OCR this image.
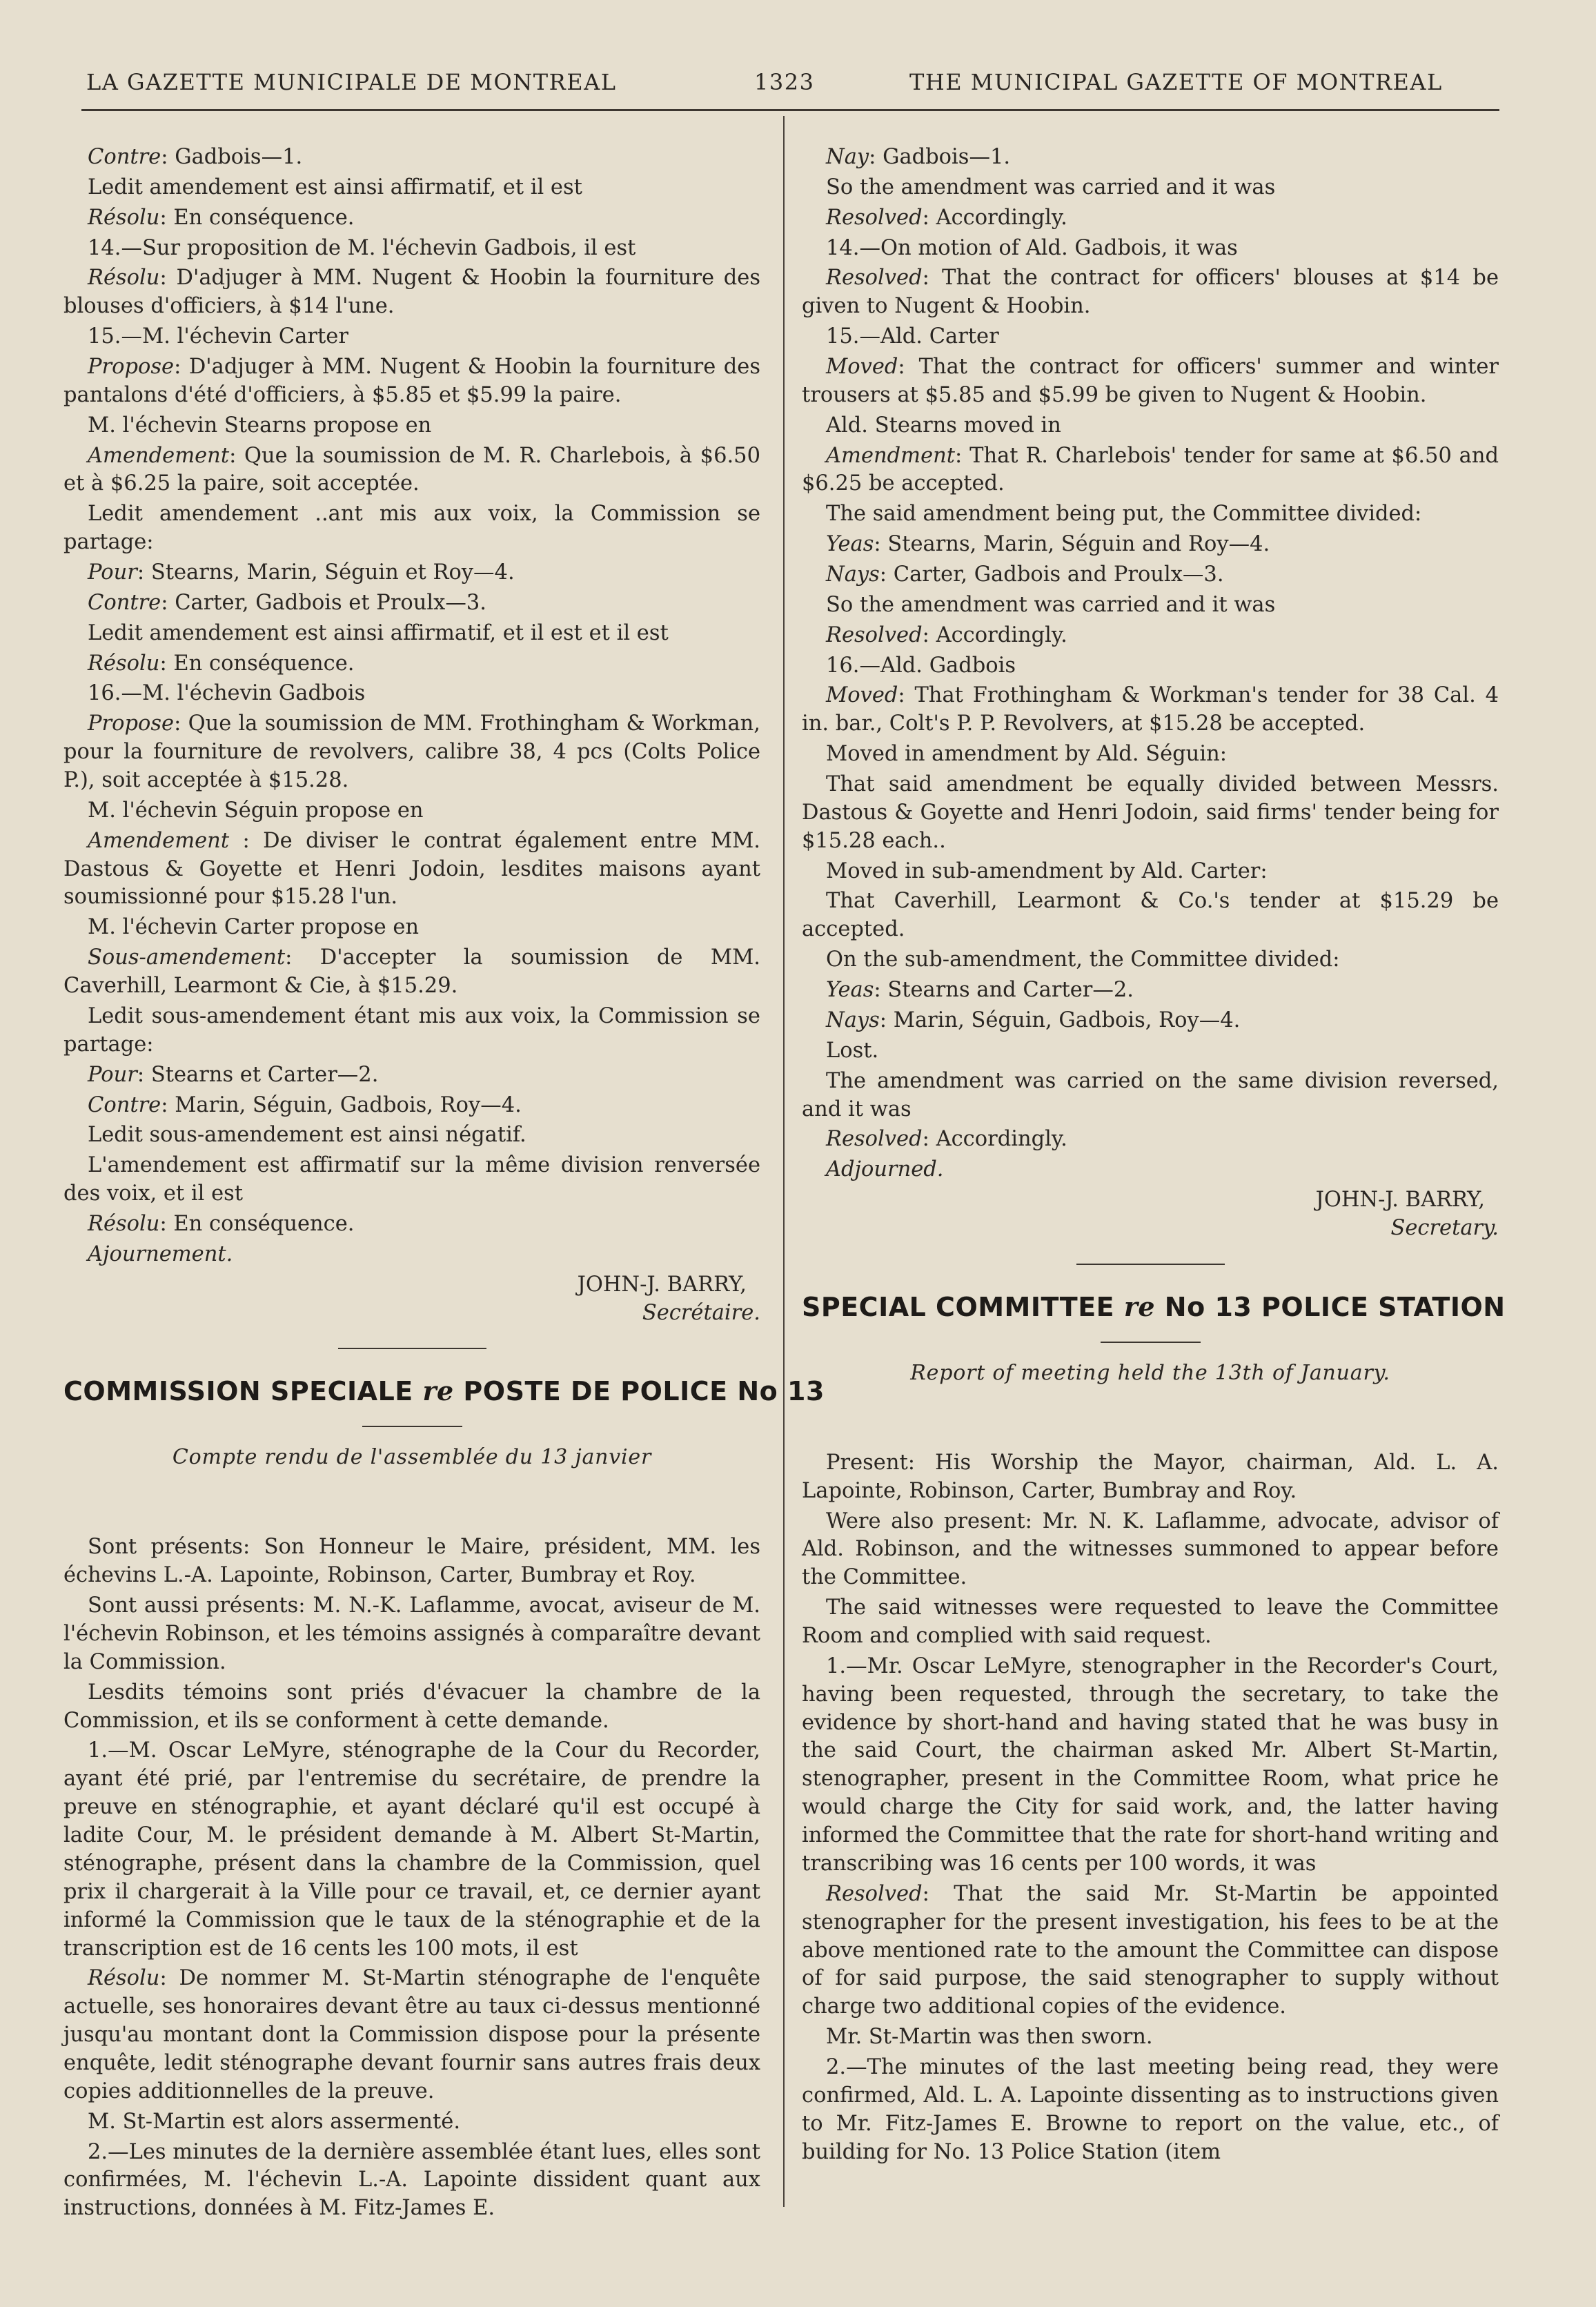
LA GAZETTE MUNICIPALE DE MONTREAL	1323	THE MUNICIPAL GAZETTE OF MONTREAL

Contre: Gadbois—1.

Ledit amendement est ainsi affirmatif, et il est

Résolu: En conséquence.

14.—Sur proposition de M. l'échevin Gadbois, il est

Résolu: D'adjuger à MM. Nugent & Hoobin la fourniture des blouses d'officiers, à $14 l'une.

15.—M. l'échevin Carter

Propose: D'adjuger à MM. Nugent & Hoobin la fourniture des pantalons d'été d'officiers, à $5.85 et $5.99 la paire.

M. l'échevin Stearns propose en

Amendement: Que la soumission de M. R. Charlebois, à $6.50 et à $6.25 la paire, soit acceptée.

Ledit amendement ..ant mis aux voix, la Commission se partage:

Pour: Stearns, Marin, Séguin et Roy—4.

Contre: Carter, Gadbois et Proulx—3.

Ledit amendement est ainsi affirmatif, et il est et il est

Résolu: En conséquence.

16.—M. l'échevin Gadbois

Propose: Que la soumission de MM. Frothingham & Workman, pour la fourniture de revolvers, calibre 38, 4 pcs (Colts Police P.), soit acceptée à $15.28.

M. l'échevin Séguin propose en

Amendement : De diviser le contrat également entre MM. Dastous & Goyette et Henri Jodoin, lesdites maisons ayant soumissionné pour $15.28 l'un.

M. l'échevin Carter propose en

Sous-amendement: D'accepter la soumission de MM. Caverhill, Learmont & Cie, à $15.29.

Ledit sous-amendement étant mis aux voix, la Commission se partage:

Pour: Stearns et Carter—2.

Contre: Marin, Séguin, Gadbois, Roy—4.

Ledit sous-amendement est ainsi négatif.

L'amendement est affirmatif sur la même division renversée des voix, et il est

Résolu: En conséquence.

Ajournement.

JOHN-J. BARRY,
Secrétaire.
COMMISSION SPECIALE re POSTE DE POLICE No 13
Compte rendu de l'assemblée du 13 janvier

Sont présents: Son Honneur le Maire, président, MM. les échevins L.-A. Lapointe, Robinson, Carter, Bumbray et Roy.

Sont aussi présents: M. N.-K. Laflamme, avocat, aviseur de M. l'échevin Robinson, et les témoins assignés à comparaître devant la Commission.

Lesdits témoins sont priés d'évacuer la chambre de la Commission, et ils se conforment à cette demande.

1.—M. Oscar LeMyre, sténographe de la Cour du Recorder, ayant été prié, par l'entremise du secrétaire, de prendre la preuve en sténographie, et ayant déclaré qu'il est occupé à ladite Cour, M. le président demande à M. Albert St-Martin, sténographe, présent dans la chambre de la Commission, quel prix il chargerait à la Ville pour ce travail, et, ce dernier ayant informé la Commission que le taux de la sténographie et de la transcription est de 16 cents les 100 mots, il est

Résolu: De nommer M. St-Martin sténographe de l'enquête actuelle, ses honoraires devant être au taux ci-dessus mentionné jusqu'au montant dont la Commission dispose pour la présente enquête, ledit sténographe devant fournir sans autres frais deux copies additionnelles de la preuve.

M. St-Martin est alors assermenté.

2.—Les minutes de la dernière assemblée étant lues, elles sont confirmées, M. l'échevin L.-A. Lapointe dissident quant aux instructions, données à M. Fitz-James E.

Nay: Gadbois—1.

So the amendment was carried and it was

Resolved: Accordingly.

14.—On motion of Ald. Gadbois, it was

Resolved: That the contract for officers' blouses at $14 be given to Nugent & Hoobin.

15.—Ald. Carter

Moved: That the contract for officers' summer and winter trousers at $5.85 and $5.99 be given to Nugent & Hoobin.

Ald. Stearns moved in

Amendment: That R. Charlebois' tender for same at $6.50 and $6.25 be accepted.

The said amendment being put, the Committee divided:

Yeas: Stearns, Marin, Séguin and Roy—4.

Nays: Carter, Gadbois and Proulx—3.

So the amendment was carried and it was

Resolved: Accordingly.

16.—Ald. Gadbois

Moved: That Frothingham & Workman's tender for 38 Cal. 4 in. bar., Colt's P. P. Revolvers, at $15.28 be accepted.

Moved in amendment by Ald. Séguin:

That said amendment be equally divided between Messrs. Dastous & Goyette and Henri Jodoin, said firms' tender being for $15.28 each..

Moved in sub-amendment by Ald. Carter:

That Caverhill, Learmont & Co.'s tender at $15.29 be accepted.

On the sub-amendment, the Committee divided:

Yeas: Stearns and Carter—2.

Nays: Marin, Séguin, Gadbois, Roy—4.

Lost.

The amendment was carried on the same division reversed, and it was

Resolved: Accordingly.

Adjourned.

JOHN-J. BARRY,
Secretary.
SPECIAL COMMITTEE re No 13 POLICE STATION
Report of meeting held the 13th of January.

Present: His Worship the Mayor, chairman, Ald. L. A. Lapointe, Robinson, Carter, Bumbray and Roy.

Were also present: Mr. N. K. Laflamme, advocate, advisor of Ald. Robinson, and the witnesses summoned to appear before the Committee.

The said witnesses were requested to leave the Committee Room and complied with said request.

1.—Mr. Oscar LeMyre, stenographer in the Recorder's Court, having been requested, through the secretary, to take the evidence by short-hand and having stated that he was busy in the said Court, the chairman asked Mr. Albert St-Martin, stenographer, present in the Committee Room, what price he would charge the City for said work, and, the latter having informed the Committee that the rate for short-hand writing and transcribing was 16 cents per 100 words, it was

Resolved: That the said Mr. St-Martin be appointed stenographer for the present investigation, his fees to be at the above mentioned rate to the amount the Committee can dispose of for said purpose, the said stenographer to supply without charge two additional copies of the evidence.

Mr. St-Martin was then sworn.

2.—The minutes of the last meeting being read, they were confirmed, Ald. L. A. Lapointe dissenting as to instructions given to Mr. Fitz-James E. Browne to report on the value, etc., of building for No. 13 Police Station (item
